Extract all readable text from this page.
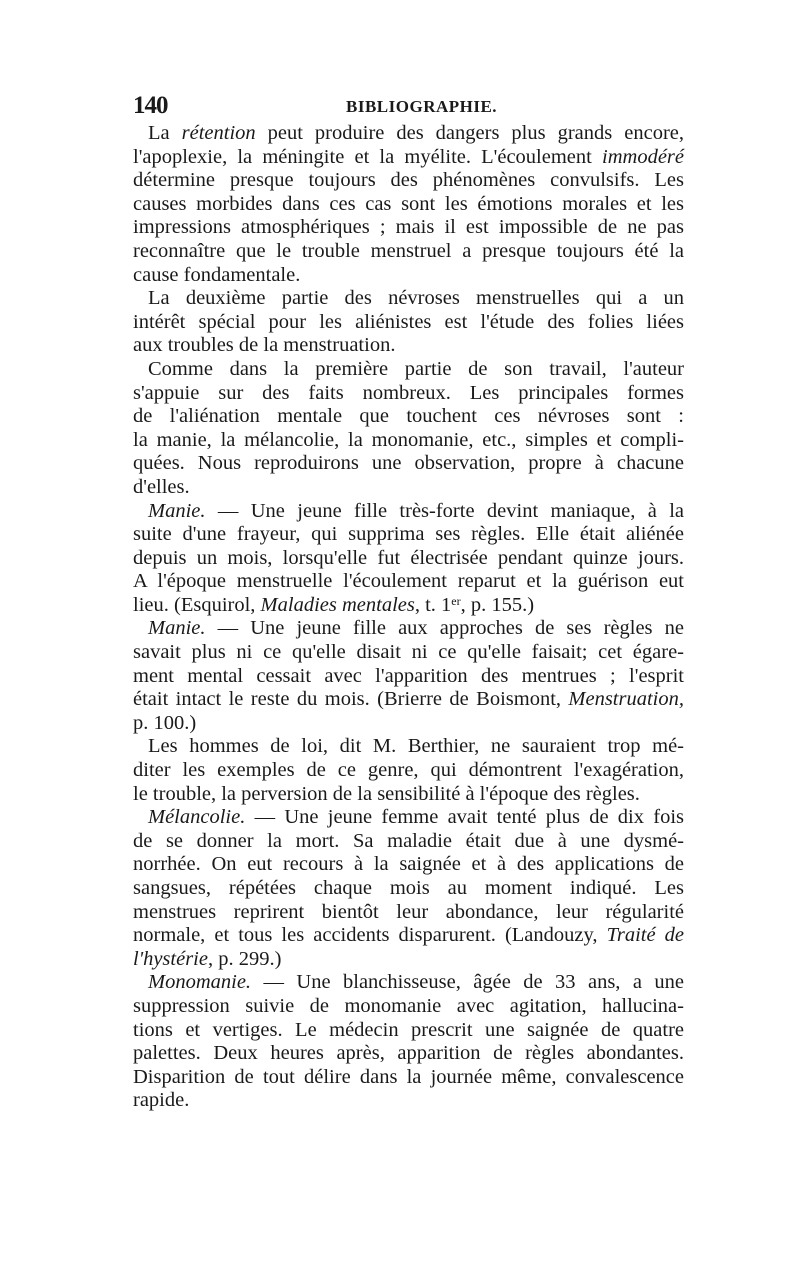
140	BIBLIOGRAPHIE.
La rétention peut produire des dangers plus grands encore,
l'apoplexie, la méningite et la myélite. L'écoulement immodéré
détermine presque toujours des phénomènes convulsifs. Les
causes morbides dans ces cas sont les émotions morales et les
impressions atmosphériques ; mais il est impossible de ne pas
reconnaître que le trouble menstruel a presque toujours été la
cause fondamentale.
La deuxième partie des névroses menstruelles qui a un
intérêt spécial pour les aliénistes est l'étude des folies liées
aux troubles de la menstruation.
Comme dans la première partie de son travail, l'auteur
s'appuie sur des faits nombreux. Les principales formes
de l'aliénation mentale que touchent ces névroses sont :
la manie, la mélancolie, la monomanie, etc., simples et compli-
quées. Nous reproduirons une observation, propre à chacune
d'elles.
Manie. — Une jeune fille très-forte devint maniaque, à la
suite d'une frayeur, qui supprima ses règles. Elle était aliénée
depuis un mois, lorsqu'elle fut électrisée pendant quinze jours.
A l'époque menstruelle l'écoulement reparut et la guérison eut
lieu. (Esquirol, Maladies mentales, t. 1er, p. 155.)
Manie. — Une jeune fille aux approches de ses règles ne
savait plus ni ce qu'elle disait ni ce qu'elle faisait; cet égare-
ment mental cessait avec l'apparition des mentrues ; l'esprit
était intact le reste du mois. (Brierre de Boismont, Menstruation,
p. 100.)
Les hommes de loi, dit M. Berthier, ne sauraient trop mé-
diter les exemples de ce genre, qui démontrent l'exagération,
le trouble, la perversion de la sensibilité à l'époque des règles.
Mélancolie. — Une jeune femme avait tenté plus de dix fois
de se donner la mort. Sa maladie était due à une dysmé-
norrhée. On eut recours à la saignée et à des applications de
sangsues, répétées chaque mois au moment indiqué. Les
menstrues reprirent bientôt leur abondance, leur régularité
normale, et tous les accidents disparurent. (Landouzy, Traité de
l'hystérie, p. 299.)
Monomanie. — Une blanchisseuse, âgée de 33 ans, a une
suppression suivie de monomanie avec agitation, hallucina-
tions et vertiges. Le médecin prescrit une saignée de quatre
palettes. Deux heures après, apparition de règles abondantes.
Disparition de tout délire dans la journée même, convalescence
rapide.
